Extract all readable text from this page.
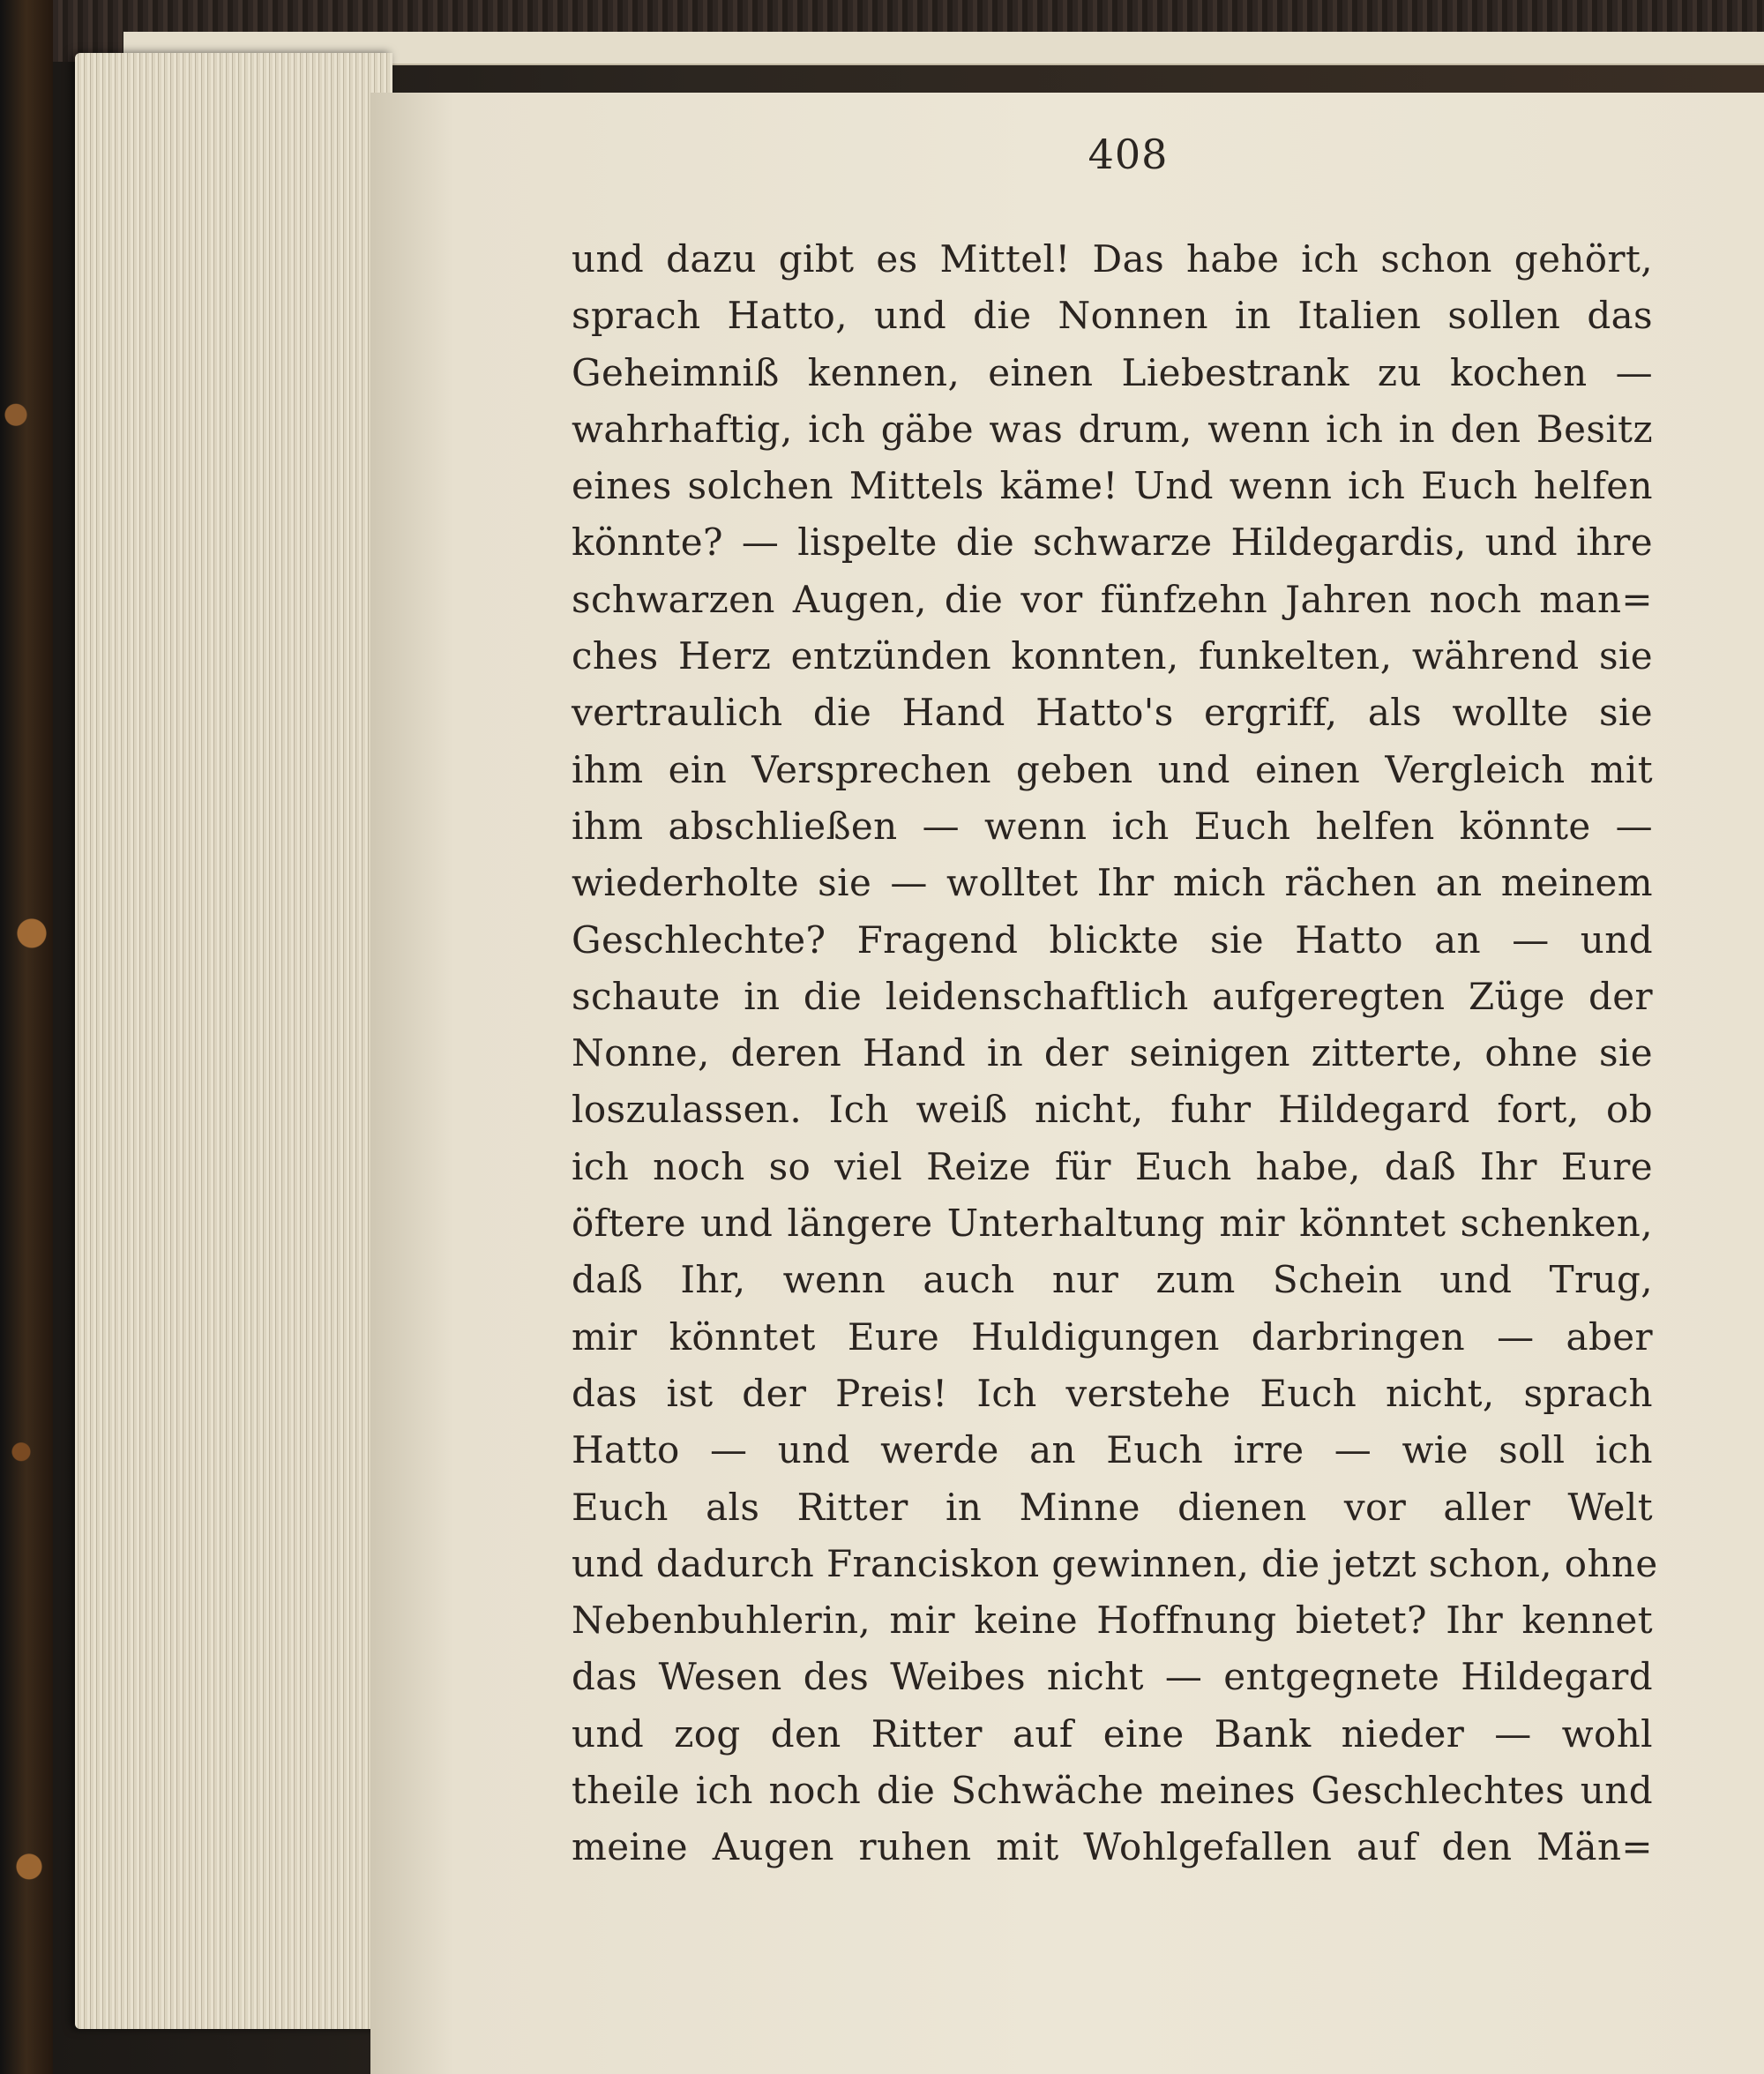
408
und dazu gibt es Mittel! Das habe ich schon gehört,
sprach Hatto, und die Nonnen in Italien sollen das
Geheimniß kennen, einen Liebestrank zu kochen —
wahrhaftig, ich gäbe was drum, wenn ich in den Besitz
eines solchen Mittels käme! Und wenn ich Euch helfen
könnte? — lispelte die schwarze Hildegardis, und ihre
schwarzen Augen, die vor fünfzehn Jahren noch man=
ches Herz entzünden konnten, funkelten, während sie
vertraulich die Hand Hatto's ergriff, als wollte sie
ihm ein Versprechen geben und einen Vergleich mit
ihm abschließen — wenn ich Euch helfen könnte —
wiederholte sie — wolltet Ihr mich rächen an meinem
Geschlechte? Fragend blickte sie Hatto an — und
schaute in die leidenschaftlich aufgeregten Züge der
Nonne, deren Hand in der seinigen zitterte, ohne sie
loszulassen. Ich weiß nicht, fuhr Hildegard fort, ob
ich noch so viel Reize für Euch habe, daß Ihr Eure
öftere und längere Unterhaltung mir könntet schenken,
daß Ihr, wenn auch nur zum Schein und Trug,
mir könntet Eure Huldigungen darbringen — aber
das ist der Preis! Ich verstehe Euch nicht, sprach
Hatto — und werde an Euch irre — wie soll ich
Euch als Ritter in Minne dienen vor aller Welt
und dadurch Franciskon gewinnen, die jetzt schon, ohne
Nebenbuhlerin, mir keine Hoffnung bietet? Ihr kennet
das Wesen des Weibes nicht — entgegnete Hildegard
und zog den Ritter auf eine Bank nieder — wohl
theile ich noch die Schwäche meines Geschlechtes und
meine Augen ruhen mit Wohlgefallen auf den Män=
